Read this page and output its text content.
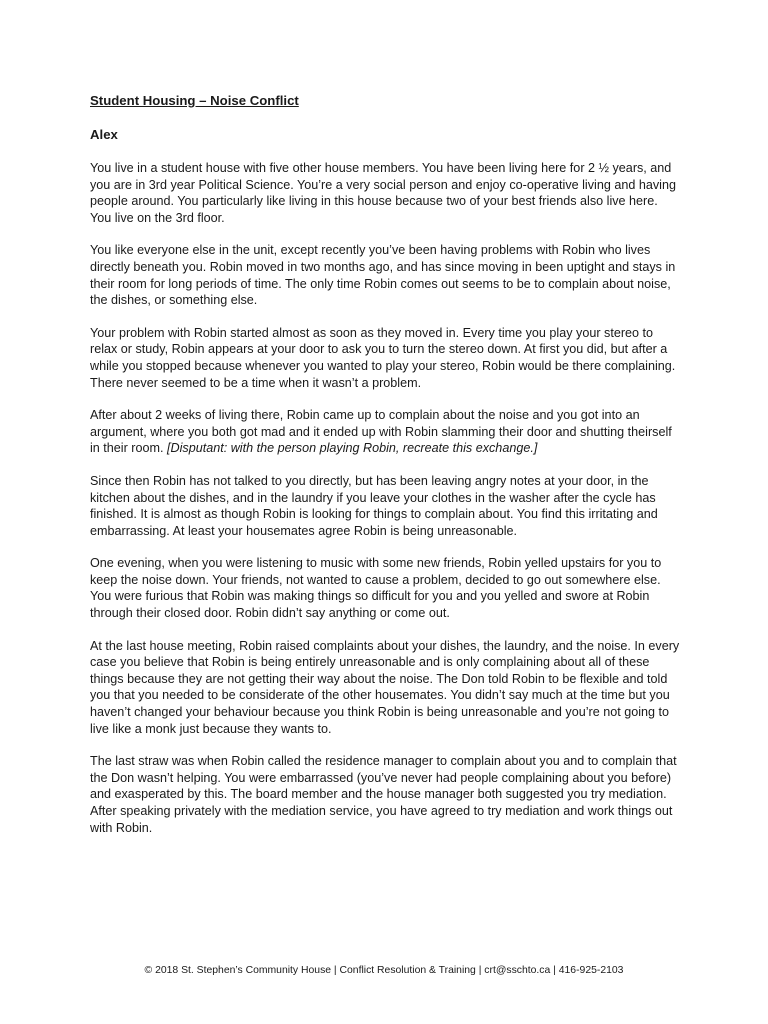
Student Housing – Noise Conflict
Alex

You live in a student house with five other house members. You have been living here for 2 ½ years, and you are in 3rd year Political Science. You’re a very social person and enjoy co-operative living and having people around. You particularly like living in this house because two of your best friends also live here. You live on the 3rd floor.

You like everyone else in the unit, except recently you’ve been having problems with Robin who lives directly beneath you. Robin moved in two months ago, and has since moving in been uptight and stays in their room for long periods of time. The only time Robin comes out seems to be to complain about noise, the dishes, or something else.

Your problem with Robin started almost as soon as they moved in. Every time you play your stereo to relax or study, Robin appears at your door to ask you to turn the stereo down. At first you did, but after a while you stopped because whenever you wanted to play your stereo, Robin would be there complaining. There never seemed to be a time when it wasn’t a problem.

After about 2 weeks of living there, Robin came up to complain about the noise and you got into an argument, where you both got mad and it ended up with Robin slamming their door and shutting theirself in their room. [Disputant: with the person playing Robin, recreate this exchange.]

Since then Robin has not talked to you directly, but has been leaving angry notes at your door, in the kitchen about the dishes, and in the laundry if you leave your clothes in the washer after the cycle has finished. It is almost as though Robin is looking for things to complain about. You find this irritating and embarrassing. At least your housemates agree Robin is being unreasonable.

One evening, when you were listening to music with some new friends, Robin yelled upstairs for you to keep the noise down. Your friends, not wanted to cause a problem, decided to go out somewhere else. You were furious that Robin was making things so difficult for you and you yelled and swore at Robin through their closed door. Robin didn’t say anything or come out.

At the last house meeting, Robin raised complaints about your dishes, the laundry, and the noise. In every case you believe that Robin is being entirely unreasonable and is only complaining about all of these things because they are not getting their way about the noise. The Don told Robin to be flexible and told you that you needed to be considerate of the other housemates. You didn’t say much at the time but you haven’t changed your behaviour because you think Robin is being unreasonable and you’re not going to live like a monk just because they wants to.

The last straw was when Robin called the residence manager to complain about you and to complain that the Don wasn’t helping. You were embarrassed (you’ve never had people complaining about you before) and exasperated by this. The board member and the house manager both suggested you try mediation. After speaking privately with the mediation service, you have agreed to try mediation and work things out with Robin.

© 2018 St. Stephen’s Community House | Conflict Resolution & Training | crt@sschto.ca | 416-925-2103
